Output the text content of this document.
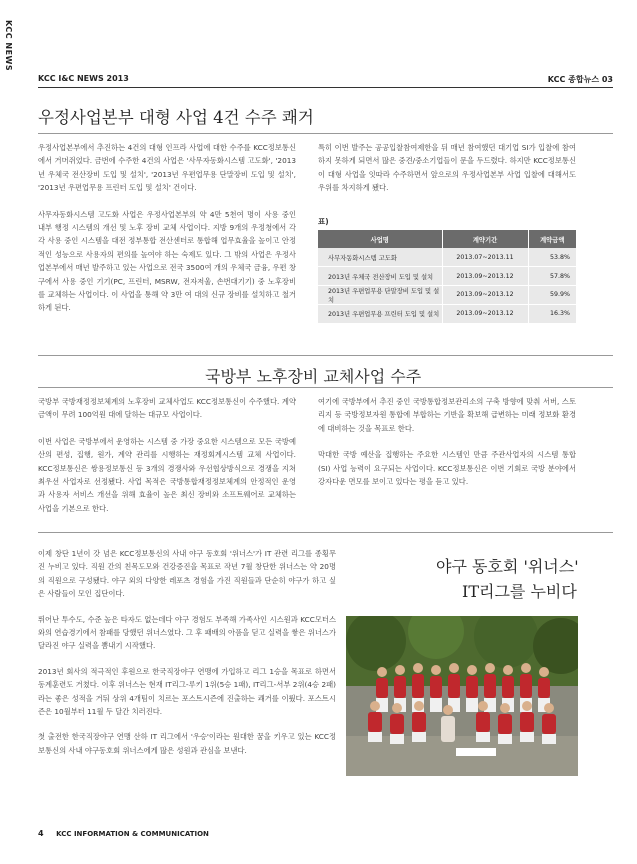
KCC NEWS
KCC I&C NEWS 2013	KCC 종합뉴스 03
우정사업본부 대형 사업 4건 수주 쾌거

우정사업본부에서 추진하는 4건의 대형 인프라 사업에 대한 수주를 KCC정보통신에서 거머쥐었다. 금번에 수주한 4건의 사업은 '사무자동화시스템 고도화', '2013년 우체국 전산장비 도입 및 설치', '2013년 우편업무용 단말장비 도입 및 설치', '2013년 우편업무용 프린터 도입 및 설치' 건이다.

사무자동화시스템 고도화 사업은 우정사업본부의 약 4만 5천여 명이 사용 중인 내부 행정 시스템의 개선 및 노후 장비 교체 사업이다. 지방 9개의 우정청에서 각각 사용 중인 시스템을 대전 정부통합 전산센터로 통합해 업무효율을 높이고 안정적인 성능으로 사용자의 편의를 높여야 하는 숙제도 있다. 그 밖의 사업은 우정사업본부에서 매년 발주하고 있는 사업으로 전국 3500여 개의 우체국 금융, 우편 창구에서 사용 중인 기기(PC, 프린터, MSRW, 전자저울, 손번대기기) 중 노후장비를 교체하는 사업이다. 이 사업을 통해 약 3만 여 대의 신규 장비를 설치하고 철거하게 된다.

특히 이번 발주는 공공입찰참여제한을 뒤 매년 참여했던 대기업 SI가 입찰에 참여하지 못하게 되면서 많은 중견/중소기업들이 문을 두드렸다. 하지만 KCC정보통신이 대형 사업을 잇따라 수주하면서 앞으로의 우정사업본부 사업 입찰에 대해서도 우위를 차지하게 됐다.

표)
사업명	계약기간	계약금액
사무자동화시스템 고도화	2013.07~2013.11	53.8%
2013년 우체국 전산장비 도입 및 설치	2013.09~2013.12	57.8%
2013년 우편업무용 단말장비 도입 및 설치	2013.09~2013.12	59.9%
2013년 우편업무용 프린터 도입 및 설치	2013.09~2013.12	16.3%
국방부 노후장비 교체사업 수주

국방부 국방재정정보체계의 노후장비 교체사업도 KCC정보통신이 수주했다. 계약 금액이 무려 100억원 대에 달하는 대규모 사업이다.

이번 사업은 국방부에서 운영하는 시스템 중 가장 중요한 시스템으로 모든 국방예산의 편성, 집행, 원가, 계약 관리를 시행하는 재정회계시스템 교체 사업이다. KCC정보통신은 쌍용정보통신 등 3개의 경쟁사와 우선협상방식으로 경쟁을 지쳐 최우선 사업자로 선정됐다. 사업 목적은 국방통합재정정보체계의 안정적인 운영과 사용자 서비스 개선을 위해 효율이 높은 최신 장비와 소프트웨어로 교체하는 사업을 기본으로 한다.

여기에 국방부에서 추진 중인 국방통합정보관리소의 구축 방향에 맞춰 서버, 스토리지 등 국방정보자원 통합에 부합하는 기반을 확보해 급변하는 미래 정보화 환경에 대비하는 것을 목표로 한다.

막대한 국방 예산을 집행하는 주요한 시스템인 만큼 주관사업자의 시스템 통합(SI) 사업 능력이 요구되는 사업이다. KCC정보통신은 이번 기회로 국방 분야에서 강자다운 면모를 보이고 있다는 평을 듣고 있다.

이제 창단 1년이 갓 넘은 KCC정보통신의 사내 야구 동호회 '위너스'가 IT 관련 리그를 종횡무진 누비고 있다. 직원 간의 친목도모와 건강증진을 목표로 작년 7월 창단한 위너스는 약 20명의 직원으로 구성됐다. 야구 외의 다양한 레포츠 경험을 가진 직원들과 단순히 야구가 하고 싶은 사람들이 모인 집단이다.

뛰어난 투수도, 수준 높은 타자도 없는데다 야구 경험도 부족해 가족사인 시스원과 KCC모터스와의 연습경기에서 참패를 당했던 위너스였다. 그 후 패배의 아픔을 딛고 실력을 쌓은 위너스가 달라진 야구 실력을 뽐내기 시작했다.

2013년 회사의 적극적인 후원으로 한국직장야구 연맹에 가입하고 리그 1승을 목표로 하면서 동계훈련도 거쳤다. 이후 위너스는 현재 IT리그-루키 1위(5승 1패), IT리그-서부 2위(4승 2패)라는 좋은 성적을 거둬 상위 4개팀이 치르는 포스트시즌에 진출하는 쾌거를 이뤘다. 포스트시즌은 10월부터 11월 두 달간 치러진다.

첫 출전한 한국직장야구 연맹 산하 IT 리그에서 '우승'이라는 원대한 꿈을 키우고 있는 KCC정보통신의 사내 야구동호회 위너스에게 많은 성원과 관심을 보낸다.

야구 동호회 '위너스'
IT리그를 누비다
4 KCC INFORMATION & COMMUNICATION
